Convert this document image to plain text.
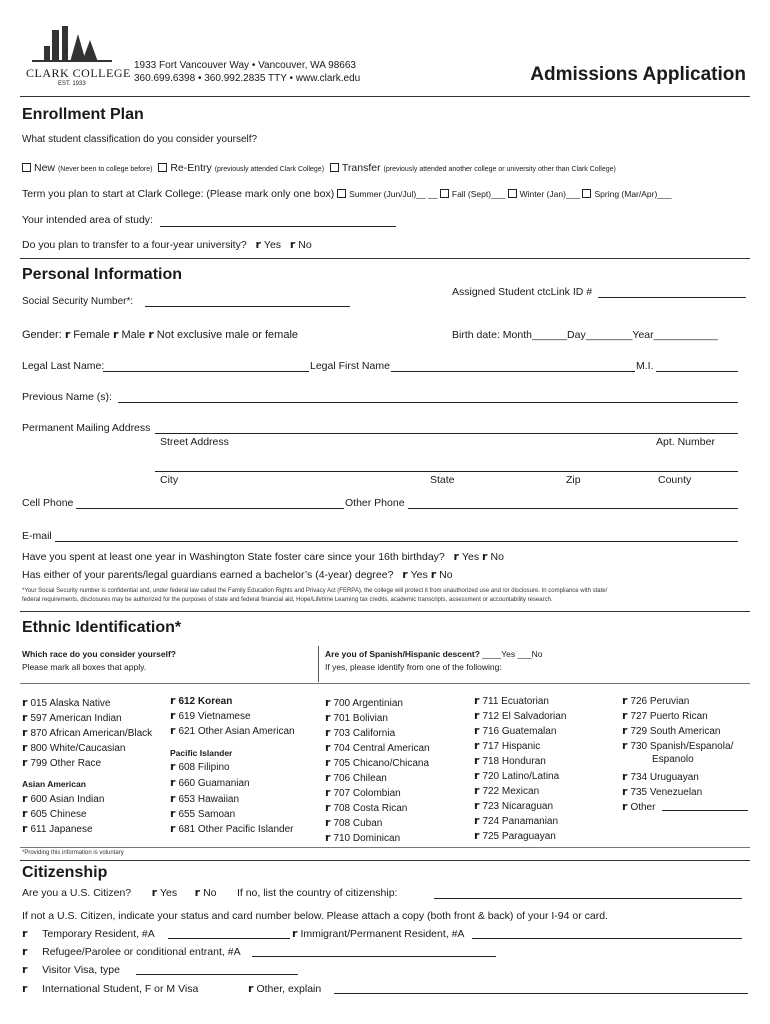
CLARK COLLEGE
EST. 1933
1933 Fort Vancouver Way • Vancouver, WA 98663
360.699.6398 • 360.992.2835 TTY • www.clark.edu	Admissions Application
Enrollment Plan
What student classification do you consider yourself?
New (Never been to college before) Re-Entry (previously attended Clark College) Transfer (previously attended another college or university other than Clark College)
Term you plan to start at Clark College: (Please mark only one box) Summer (Jun/Jul)__ __ Fall (Sept)___ Winter (Jan)___ Spring (Mar/Apr)___
Your intended area of study:
Do you plan to transfer to a four-year university? r Yes r No
Personal Information
Assigned Student ctcLink ID #
Social Security Number*:
Gender: r Female r Male r Not exclusive male or female	Birth date: Month______Day________Year___________
Legal Last Name:	Legal First Name	M.I.
Previous Name (s):
Permanent Mailing Address
Street Address	Apt. Number
City	State	Zip	County
Cell Phone	Other Phone
E-mail
Have you spent at least one year in Washington State foster care since your 16th birthday? r Yes r No
Has either of your parents/legal guardians earned a bachelor’s (4-year) degree? r Yes r No
*Your Social Security number is confidential and, under federal law called the Family Education Rights and Privacy Act (FERPA), the college will protect it from unauthorized use and /or disclosure. In compliance with state/
federal requirements, disclosures may be authorized for the purposes of state and federal financial aid, Hope/Lifetime Learning tax credits, academic transcripts, assessment or accountability research.
Ethnic Identification*
Which race do you consider yourself?
Please mark all boxes that apply.
Are you of Spanish/Hispanic descent? ____Yes ___No
If yes, please identify from one of the following:
r 015 Alaska Native
r 597 American Indian
r 870 African American/Black
r 800 White/Caucasian
r 799 Other Race
Asian American
r 600 Asian Indian
r 605 Chinese
r 611 Japanese
r 612 Korean
r 619 Vietnamese
r 621 Other Asian American
Pacific Islander
r 608 Filipino
r 660 Guamanian
r 653 Hawaiian
r 655 Samoan
r 681 Other Pacific Islander
r 700 Argentinian
r 701 Bolivian
r 703 California
r 704 Central American
r 705 Chicano/Chicana
r 706 Chilean
r 707 Colombian
r 708 Costa Rican
r 708 Cuban
r 710 Dominican
r 711 Ecuatorian
r 712 El Salvadorian
r 716 Guatemalan
r 717 Hispanic
r 718 Honduran
r 720 Latino/Latina
r 722 Mexican
r 723 Nicaraguan
r 724 Panamanian
r 725 Paraguayan
r 726 Peruvian
r 727 Puerto Rican
r 729 South American
r 730 Spanish/Espanola/
Espanolo
r 734 Uruguayan
r 735 Venezuelan
r Other
*Providing this information is voluntary
Citizenship
Are you a U.S. Citizen? r Yes r No If no, list the country of citizenship:
If not a U.S. Citizen, indicate your status and card number below. Please attach a copy (both front & back) of your I-94 or card.
r Temporary Resident, #A	r Immigrant/Permanent Resident, #A
r Refugee/Parolee or conditional entrant, #A
r Visitor Visa, type
r International Student, F or M Visa	r Other, explain
